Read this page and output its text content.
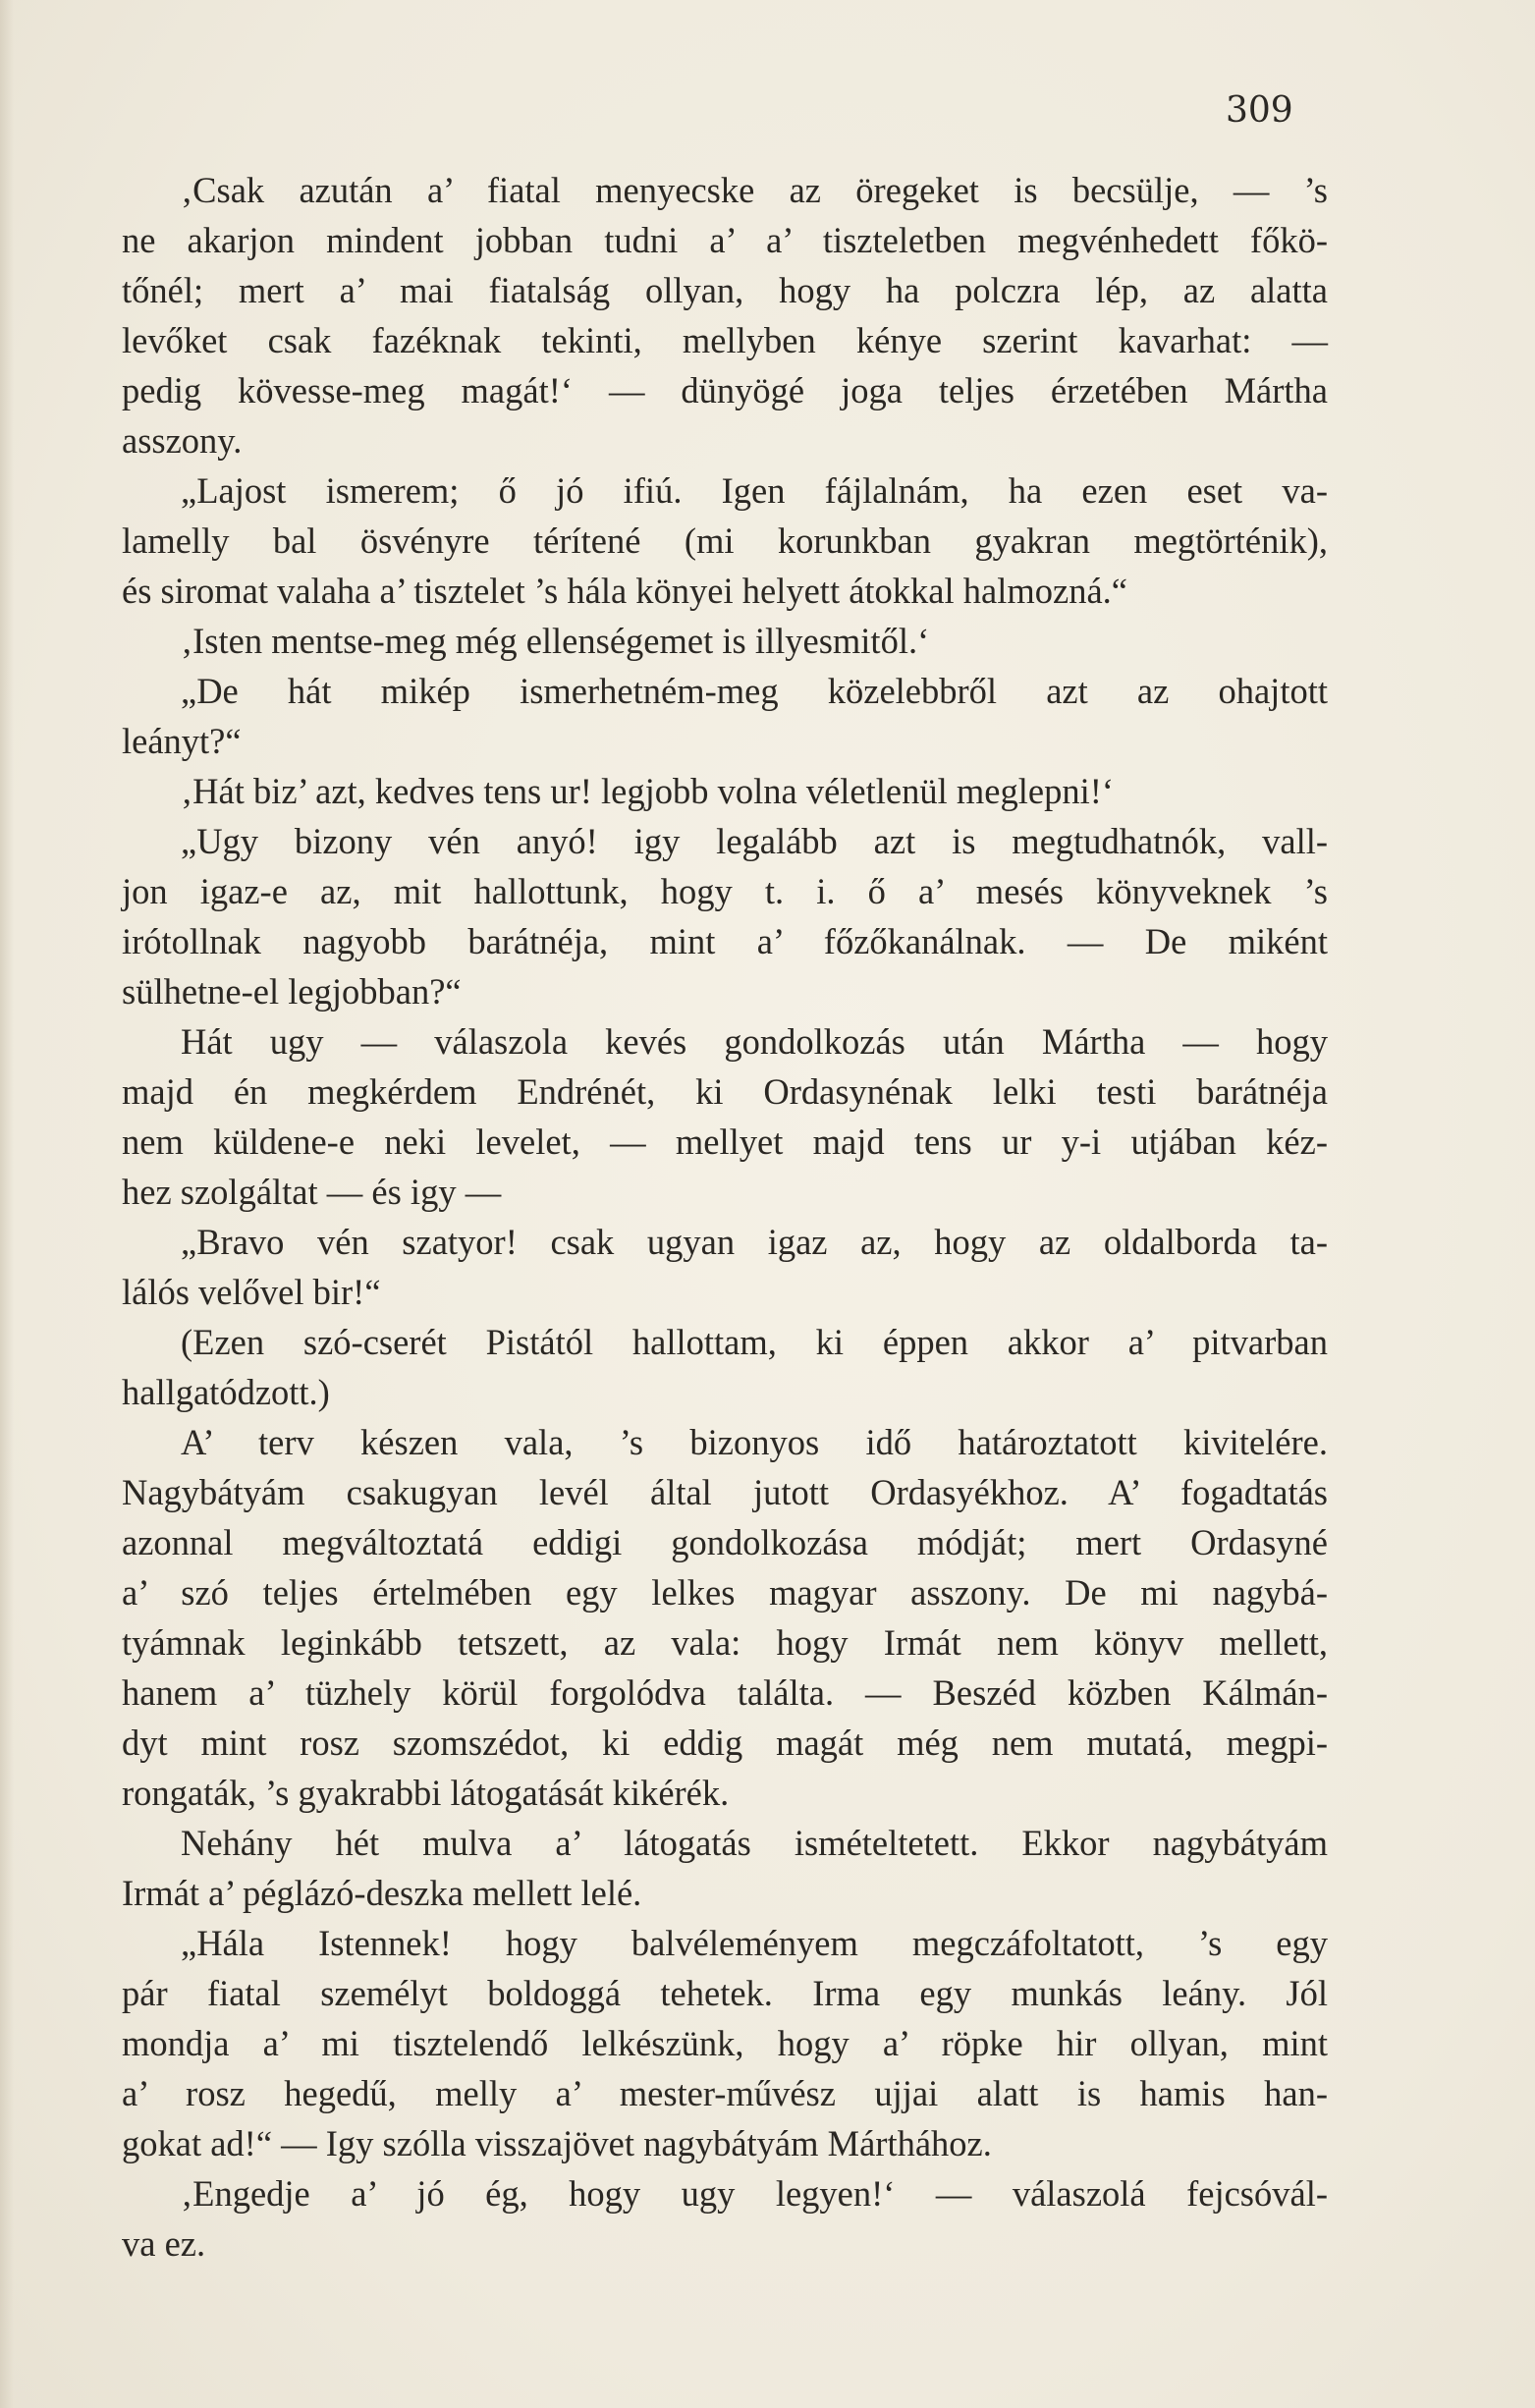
309

‚Csak azután a’ fiatal menyecske az öregeket is becsülje, — ’s
ne akarjon mindent jobban tudni a’ a’ tiszteletben megvénhedett főkö-
tőnél; mert a’ mai fiatalság ollyan, hogy ha polczra lép, az alatta
levőket csak fazéknak tekinti, mellyben kénye szerint kavarhat: —
pedig kövesse-meg magát!‘ — dünyögé joga teljes érzetében Mártha
asszony.

„Lajost ismerem; ő jó ifiú. Igen fájlalnám, ha ezen eset va-
lamelly bal ösvényre térítené (mi korunkban gyakran megtörténik),
és siromat valaha a’ tisztelet ’s hála könyei helyett átokkal halmozná.“

‚Isten mentse-meg még ellenségemet is illyesmitől.‘

„De hát mikép ismerhetném-meg közelebbről azt az ohajtott
leányt?“

‚Hát biz’ azt, kedves tens ur! legjobb volna véletlenül meglepni!‘

„Ugy bizony vén anyó! igy legalább azt is megtudhatnók, vall-
jon igaz-e az, mit hallottunk, hogy t. i. ő a’ mesés könyveknek ’s
irótollnak nagyobb barátnéja, mint a’ főzőkanálnak. — De miként
sülhetne-el legjobban?“

Hát ugy — válaszola kevés gondolkozás után Mártha — hogy
majd én megkérdem Endrénét, ki Ordasynénak lelki testi barátnéja
nem küldene-e neki levelet, — mellyet majd tens ur y-i utjában kéz-
hez szolgáltat — és igy —

„Bravo vén szatyor! csak ugyan igaz az, hogy az oldalborda ta-
lálós velővel bir!“

(Ezen szó-cserét Pistától hallottam, ki éppen akkor a’ pitvarban
hallgatódzott.)

A’ terv készen vala, ’s bizonyos idő határoztatott kivitelére.
Nagybátyám csakugyan levél által jutott Ordasyékhoz. A’ fogadtatás
azonnal megváltoztatá eddigi gondolkozása módját; mert Ordasyné
a’ szó teljes értelmében egy lelkes magyar asszony. De mi nagybá-
tyámnak leginkább tetszett, az vala: hogy Irmát nem könyv mellett,
hanem a’ tüzhely körül forgolódva találta. — Beszéd közben Kálmán-
dyt mint rosz szomszédot, ki eddig magát még nem mutatá, megpi-
rongaták, ’s gyakrabbi látogatását kikérék.

Nehány hét mulva a’ látogatás ismételtetett. Ekkor nagybátyám
Irmát a’ péglázó-deszka mellett lelé.

„Hála Istennek! hogy balvéleményem megczáfoltatott, ’s egy
pár fiatal személyt boldoggá tehetek. Irma egy munkás leány. Jól
mondja a’ mi tisztelendő lelkészünk, hogy a’ röpke hir ollyan, mint
a’ rosz hegedű, melly a’ mester-művész ujjai alatt is hamis han-
gokat ad!“ — Igy szólla visszajövet nagybátyám Márthához.

‚Engedje a’ jó ég, hogy ugy legyen!‘ — válaszolá fejcsóvál-
va ez.
